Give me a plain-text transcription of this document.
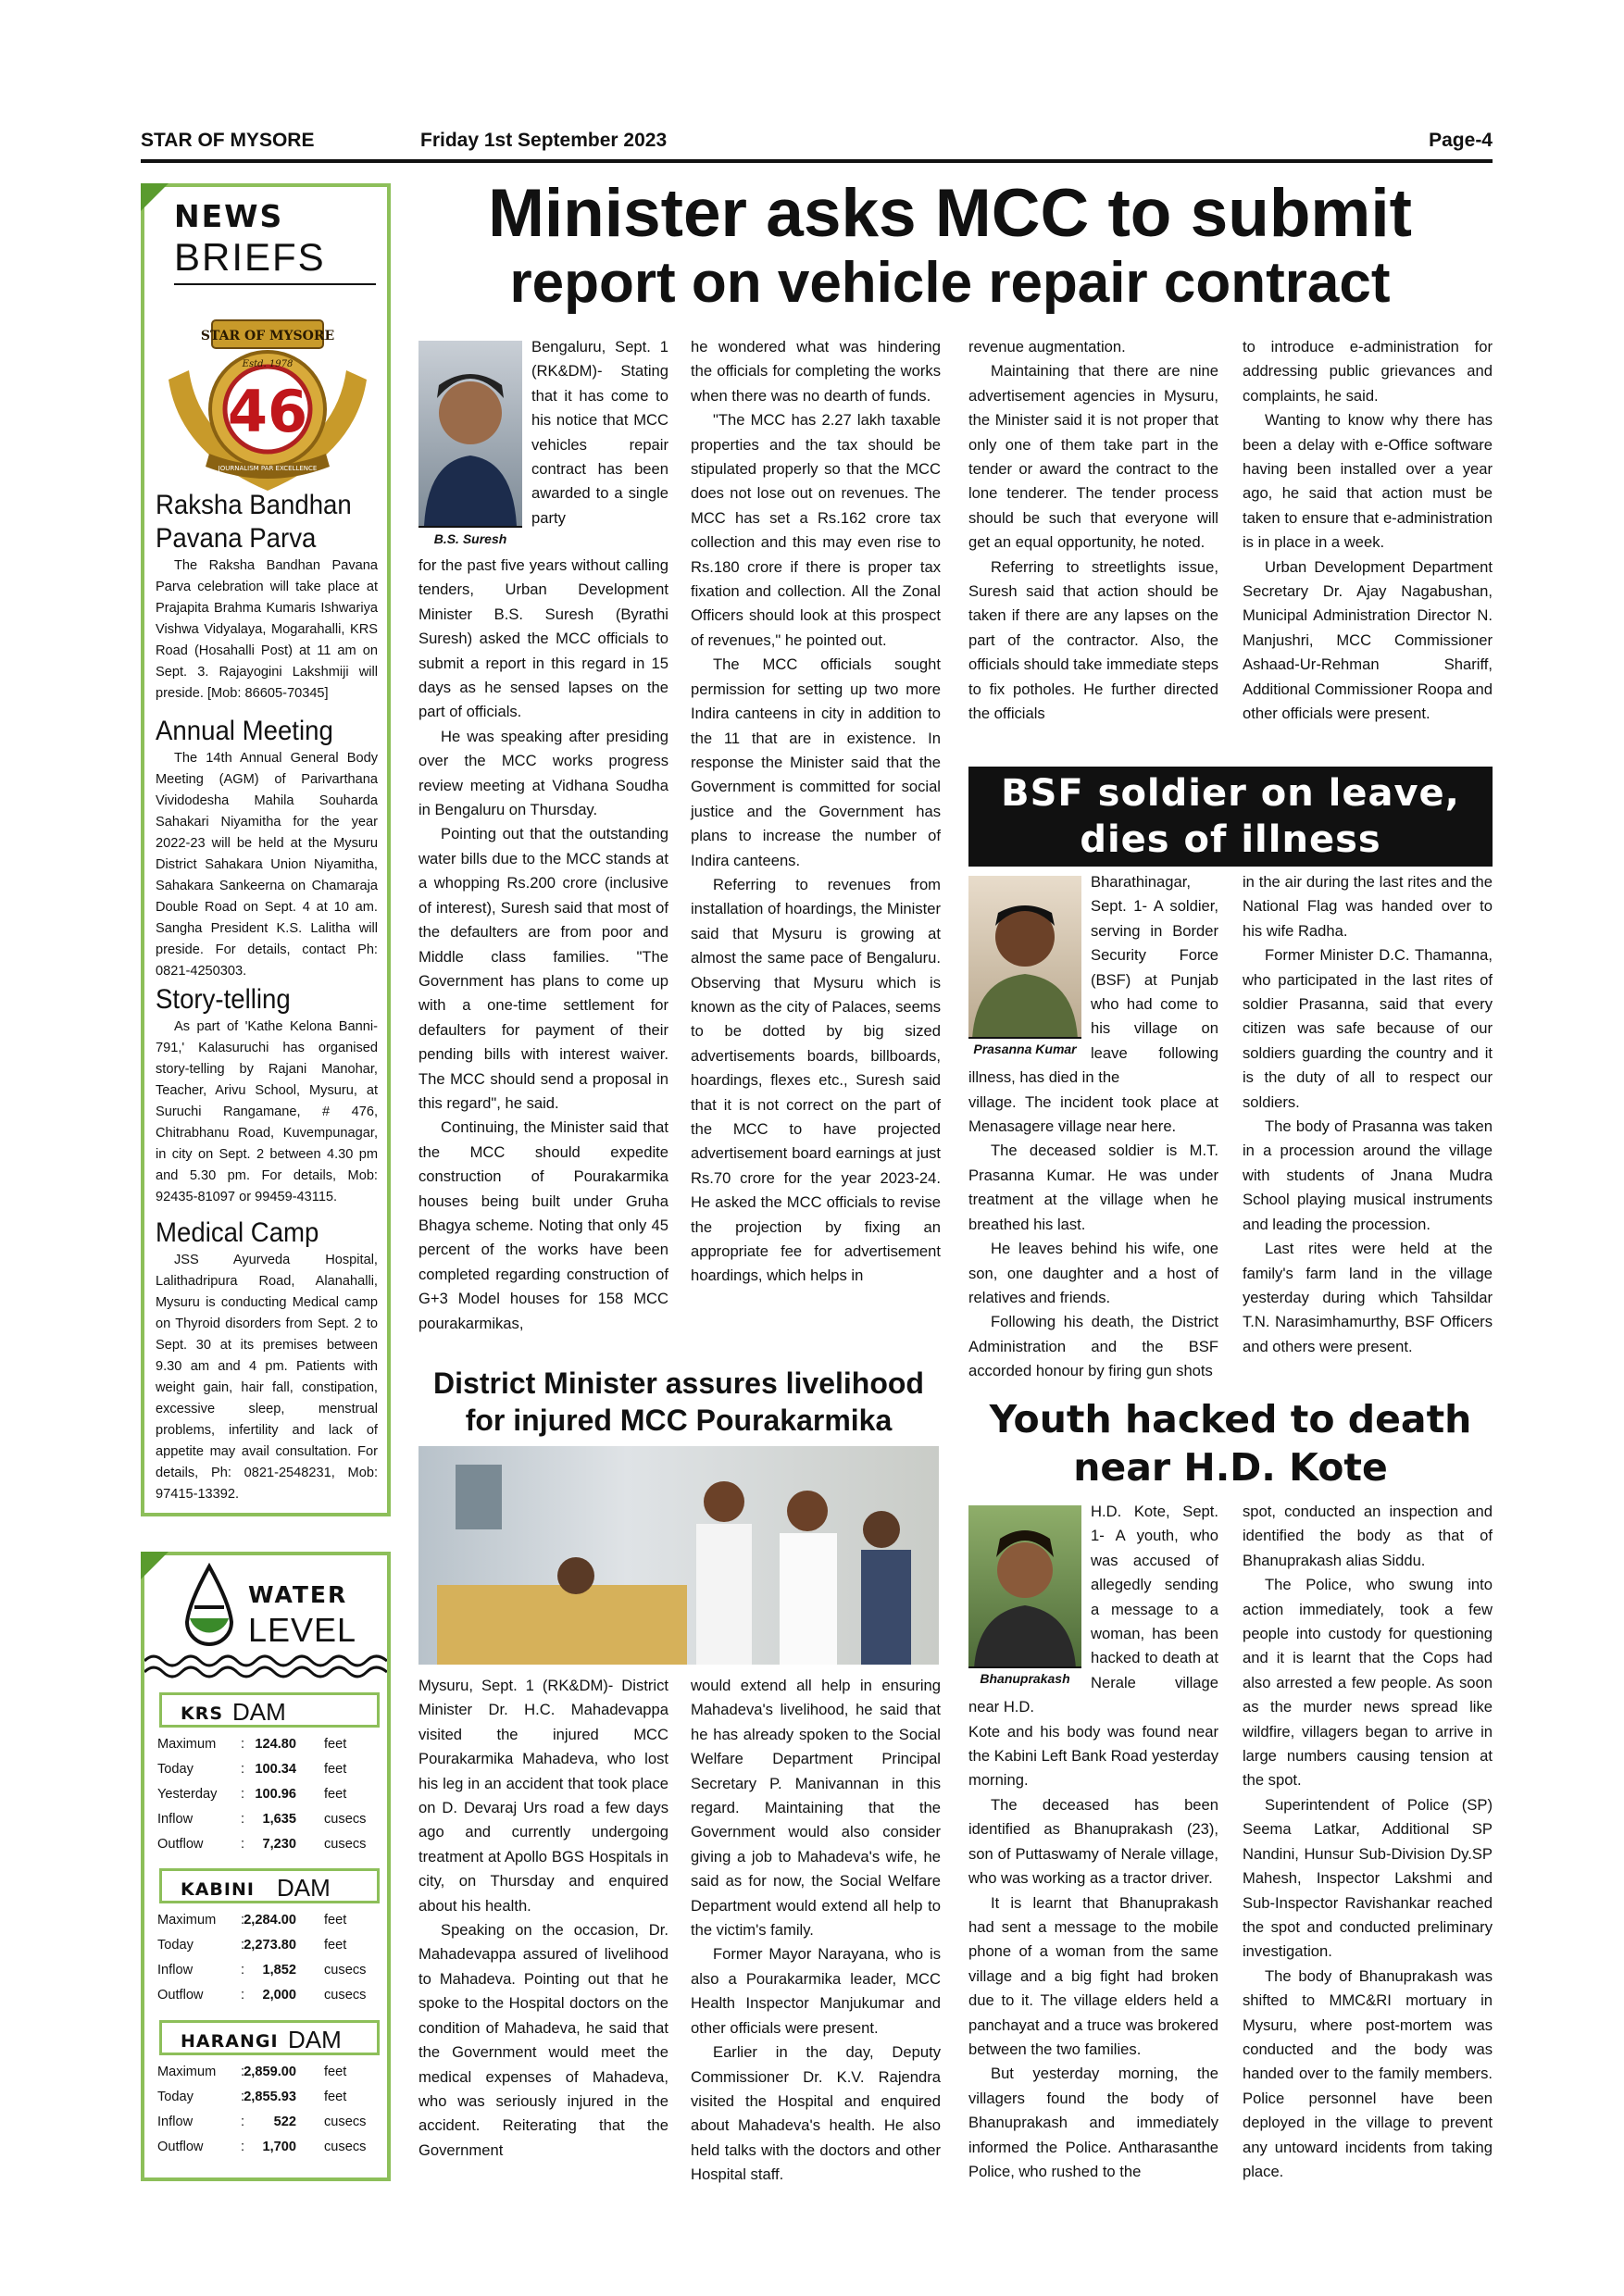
STAR OF MYSORE	Friday 1st September 2023	Page-4
NEWS
BRIEFS
STAR OF MYSORE
Estd. 1978
46
JOURNALISM PAR EXCELLENCE
Raksha Bandhan Pavana Parva

The Raksha Bandhan Pavana Parva celebration will take place at Prajapita Brahma Kumaris Ishwariya Vishwa Vidyalaya, Mogarahalli, KRS Road (Hosahalli Post) at 11 am on Sept. 3. Rajayogini Lakshmiji will preside. [Mob: 86605-70345]

Annual Meeting

The 14th Annual General Body Meeting (AGM) of Parivarthana Vividodesha Mahila Souharda Sahakari Niyamitha for the year 2022-23 will be held at the Mysuru District Sahakara Union Niyamitha, Sahakara Sankeerna on Chamaraja Double Road on Sept. 4 at 10 am. Sangha President K.S. Lalitha will preside. For details, contact Ph: 0821-4250303.

Story-telling

As part of 'Kathe Kelona Banni-791,' Kalasuruchi has organised story-telling by Rajani Manohar, Teacher, Arivu School, Mysuru, at Suruchi Rangamane, # 476, Chitrabhanu Road, Kuvempunagar, in city on Sept. 2 between 4.30 pm and 5.30 pm. For details, Mob: 92435-81097 or 99459-43115.

Medical Camp

JSS Ayurveda Hospital, Lalithadripura Road, Alanahalli, Mysuru is conducting Medical camp on Thyroid disorders from Sept. 2 to Sept. 30 at its premises between 9.30 am and 4 pm. Patients with weight gain, hair fall, constipation, excessive sleep, menstrual problems, infertility and lack of appetite may avail consultation. For details, Ph: 0821-2548231, Mob: 97415-13392.

WATER
LEVEL
KRS DAM
Maximum : 124.80 feet
Today	: 100.34 feet
Yesterday : 100.96 feet
Inflow	: 1,635 cusecs
Outflow	: 7,230 cusecs
KABINI DAM
Maximum : 2,284.00 feet
Today	: 2,273.80 feet
Inflow	: 1,852 cusecs
Outflow	: 2,000 cusecs
HARANGI DAM
Maximum : 2,859.00 feet
Today	: 2,855.93 feet
Inflow	: 522 cusecs
Outflow	: 1,700 cusecs
Minister asks MCC to submit
report on vehicle repair contract
B.S. Suresh

Bengaluru, Sept. 1 (RK&DM)- Stating that it has come to his notice that MCC vehicles repair contract has been awarded to a single party

for the past five years without calling tenders, Urban Development Minister B.S. Suresh (Byrathi Suresh) asked the MCC officials to submit a report in this regard in 15 days as he sensed lapses on the part of officials.

He was speaking after presiding over the MCC works progress review meeting at Vidhana Soudha in Bengaluru on Thursday.

Pointing out that the outstanding water bills due to the MCC stands at a whopping Rs.200 crore (inclusive of interest), Suresh said that most of the defaulters are from poor and Middle class families. "The Government has plans to come up with a one-time settlement for defaulters for payment of their pending bills with interest waiver. The MCC should send a proposal in this regard", he said.

Continuing, the Minister said that the MCC should expedite construction of Pourakarmika houses being built under Gruha Bhagya scheme. Noting that only 45 percent of the works have been completed regarding construction of G+3 Model houses for 158 MCC pourakarmikas,

he wondered what was hindering the officials for completing the works when there was no dearth of funds.

"The MCC has 2.27 lakh taxable properties and the tax should be stipulated properly so that the MCC does not lose out on revenues. The MCC has set a Rs.162 crore tax collection and this may even rise to Rs.180 crore if there is proper tax fixation and collection. All the Zonal Officers should look at this prospect of revenues," he pointed out.

The MCC officials sought permission for setting up two more Indira canteens in city in addition to the 11 that are in existence. In response the Minister said that the Government is committed for social justice and the Government has plans to increase the number of Indira canteens.

Referring to revenues from installation of hoardings, the Minister said that Mysuru is growing at almost the same pace of Bengaluru. Observing that Mysuru which is known as the city of Palaces, seems to be dotted by big sized advertisements boards, billboards, hoardings, flexes etc., Suresh said that it is not correct on the part of the MCC to have projected advertisement board earnings at just Rs.70 crore for the year 2023-24. He asked the MCC officials to revise the projection by fixing an appropriate fee for advertisement hoardings, which helps in

revenue augmentation.

Maintaining that there are nine advertisement agencies in Mysuru, the Minister said it is not proper that only one of them take part in the tender or award the contract to the lone tenderer. The tender process should be such that everyone will get an equal opportunity, he noted.

Referring to streetlights issue, Suresh said that action should be taken if there are any lapses on the part of the contractor. Also, the officials should take immediate steps to fix potholes. He further directed the officials

to introduce e-administration for addressing public grievances and complaints, he said.

Wanting to know why there has been a delay with e-Office software having been installed over a year ago, he said that action must be taken to ensure that e-administration is in place in a week.

Urban Development Department Secretary Dr. Ajay Nagabushan, Municipal Administration Director N. Manjushri, MCC Commissioner Ashaad-Ur-Rehman Shariff, Additional Commissioner Roopa and other officials were present.

BSF soldier on leave,
dies of illness
Prasanna Kumar

Bharathinagar, Sept. 1- A soldier, serving in Border Security Force (BSF) at Punjab who had come to his village on leave following illness, has died in the

village. The incident took place at Menasagere village near here.

The deceased soldier is M.T. Prasanna Kumar. He was under treatment at the village when he breathed his last.

He leaves behind his wife, one son, one daughter and a host of relatives and friends.

Following his death, the District Administration and the BSF accorded honour by firing gun shots

in the air during the last rites and the National Flag was handed over to his wife Radha.

Former Minister D.C. Thamanna, who participated in the last rites of soldier Prasanna, said that every citizen was safe because of our soldiers guarding the country and it is the duty of all to respect our soldiers.

The body of Prasanna was taken in a procession around the village with students of Jnana Mudra School playing musical instruments and leading the procession.

Last rites were held at the family's farm land in the village yesterday during which Tahsildar T.N. Narasimhamurthy, BSF Officers and others were present.

District Minister assures livelihood
for injured MCC Pourakarmika

Mysuru, Sept. 1 (RK&DM)- District Minister Dr. H.C. Mahadevappa visited the injured MCC Pourakarmika Mahadeva, who lost his leg in an accident that took place on D. Devaraj Urs road a few days ago and currently undergoing treatment at Apollo BGS Hospitals in city, on Thursday and enquired about his health.

Speaking on the occasion, Dr. Mahadevappa assured of livelihood to Mahadeva. Pointing out that he spoke to the Hospital doctors on the condition of Mahadeva, he said that the Government would meet the medical expenses of Mahadeva, who was seriously injured in the accident. Reiterating that the Government

would extend all help in ensuring Mahadeva's livelihood, he said that he has already spoken to the Social Welfare Department Principal Secretary P. Manivannan in this regard. Maintaining that the Government would also consider giving a job to Mahadeva's wife, he said as for now, the Social Welfare Department would extend all help to the victim's family.

Former Mayor Narayana, who is also a Pourakarmika leader, MCC Health Inspector Manjukumar and other officials were present.

Earlier in the day, Deputy Commissioner Dr. K.V. Rajendra visited the Hospital and enquired about Mahadeva's health. He also held talks with the doctors and other Hospital staff.

Youth hacked to death
near H.D. Kote
Bhanuprakash

H.D. Kote, Sept. 1- A youth, who was accused of allegedly sending a message to a woman, has been hacked to death at Nerale village near H.D.

Kote and his body was found near the Kabini Left Bank Road yesterday morning.

The deceased has been identified as Bhanuprakash (23), son of Puttaswamy of Nerale village, who was working as a tractor driver.

It is learnt that Bhanuprakash had sent a message to the mobile phone of a woman from the same village and a big fight had broken due to it. The village elders held a panchayat and a truce was brokered between the two families.

But yesterday morning, the villagers found the body of Bhanuprakash and immediately informed the Police. Antharasanthe Police, who rushed to the

spot, conducted an inspection and identified the body as that of Bhanuprakash alias Siddu.

The Police, who swung into action immediately, took a few people into custody for questioning and it is learnt that the Cops had also arrested a few people. As soon as the murder news spread like wildfire, villagers began to arrive in large numbers causing tension at the spot.

Superintendent of Police (SP) Seema Latkar, Additional SP Nandini, Hunsur Sub-Division Dy.SP Mahesh, Inspector Lakshmi and Sub-Inspector Ravishankar reached the spot and conducted preliminary investigation.

The body of Bhanuprakash was shifted to MMC&RI mortuary in Mysuru, where post-mortem was conducted and the body was handed over to the family members. Police personnel have been deployed in the village to prevent any untoward incidents from taking place.
